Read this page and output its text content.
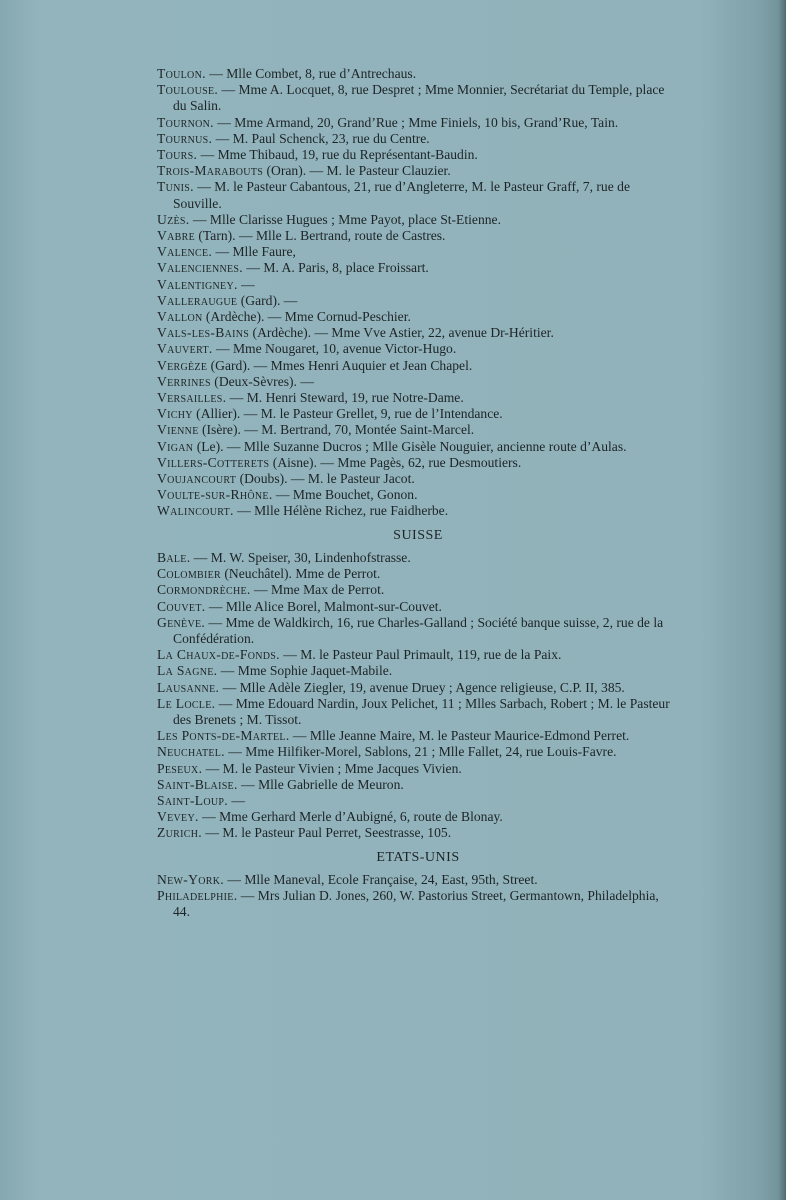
Toulon. — Mlle Combet, 8, rue d’Antrechaus.

Toulouse. — Mme A. Locquet, 8, rue Despret ; Mme Monnier, Secrétariat du Temple, place du Salin.

Tournon. — Mme Armand, 20, Grand’Rue ; Mme Finiels, 10 bis, Grand’Rue, Tain.

Tournus. — M. Paul Schenck, 23, rue du Centre.

Tours. — Mme Thibaud, 19, rue du Représentant-Baudin.

Trois-Marabouts (Oran). — M. le Pasteur Clauzier.

Tunis. — M. le Pasteur Cabantous, 21, rue d’Angleterre, M. le Pasteur Graff, 7, rue de Souville.

Uzès. — Mlle Clarisse Hugues ; Mme Payot, place St-Etienne.

Vabre (Tarn). — Mlle L. Bertrand, route de Castres.

Valence. — Mlle Faure,

Valenciennes. — M. A. Paris, 8, place Froissart.

Valentigney. —

Valleraugue (Gard). —

Vallon (Ardèche). — Mme Cornud-Peschier.

Vals-les-Bains (Ardèche). — Mme Vve Astier, 22, avenue Dr-Héritier.

Vauvert. — Mme Nougaret, 10, avenue Victor-Hugo.

Vergèze (Gard). — Mmes Henri Auquier et Jean Chapel.

Verrines (Deux-Sèvres). —

Versailles. — M. Henri Steward, 19, rue Notre-Dame.

Vichy (Allier). — M. le Pasteur Grellet, 9, rue de l’Intendance.

Vienne (Isère). — M. Bertrand, 70, Montée Saint-Marcel.

Vigan (Le). — Mlle Suzanne Ducros ; Mlle Gisèle Nouguier, ancienne route d’Aulas.

Villers-Cotterets (Aisne). — Mme Pagès, 62, rue Desmoutiers.

Voujancourt (Doubs). — M. le Pasteur Jacot.

Voulte-sur-Rhône. — Mme Bouchet, Gonon.

Walincourt. — Mlle Hélène Richez, rue Faidherbe.

SUISSE

Bale. — M. W. Speiser, 30, Lindenhofstrasse.

Colombier (Neuchâtel). Mme de Perrot.

Cormondrèche. — Mme Max de Perrot.

Couvet. — Mlle Alice Borel, Malmont-sur-Couvet.

Genève. — Mme de Waldkirch, 16, rue Charles-Galland ; Société banque suisse, 2, rue de la Confédération.

La Chaux-de-Fonds. — M. le Pasteur Paul Primault, 119, rue de la Paix.

La Sagne. — Mme Sophie Jaquet-Mabile.

Lausanne. — Mlle Adèle Ziegler, 19, avenue Druey ; Agence religieuse, C.P. II, 385.

Le Locle. — Mme Edouard Nardin, Joux Pelichet, 11 ; Mlles Sarbach, Robert ; M. le Pasteur des Brenets ; M. Tissot.

Les Ponts-de-Martel. — Mlle Jeanne Maire, M. le Pasteur Maurice-Edmond Perret.

Neuchatel. — Mme Hilfiker-Morel, Sablons, 21 ; Mlle Fallet, 24, rue Louis-Favre.

Peseux. — M. le Pasteur Vivien ; Mme Jacques Vivien.

Saint-Blaise. — Mlle Gabrielle de Meuron.

Saint-Loup. —

Vevey. — Mme Gerhard Merle d’Aubigné, 6, route de Blonay.

Zurich. — M. le Pasteur Paul Perret, Seestrasse, 105.

ETATS-UNIS

New-York. — Mlle Maneval, Ecole Française, 24, East, 95th, Street.

Philadelphie. — Mrs Julian D. Jones, 260, W. Pastorius Street, Germantown, Philadelphia, 44.
